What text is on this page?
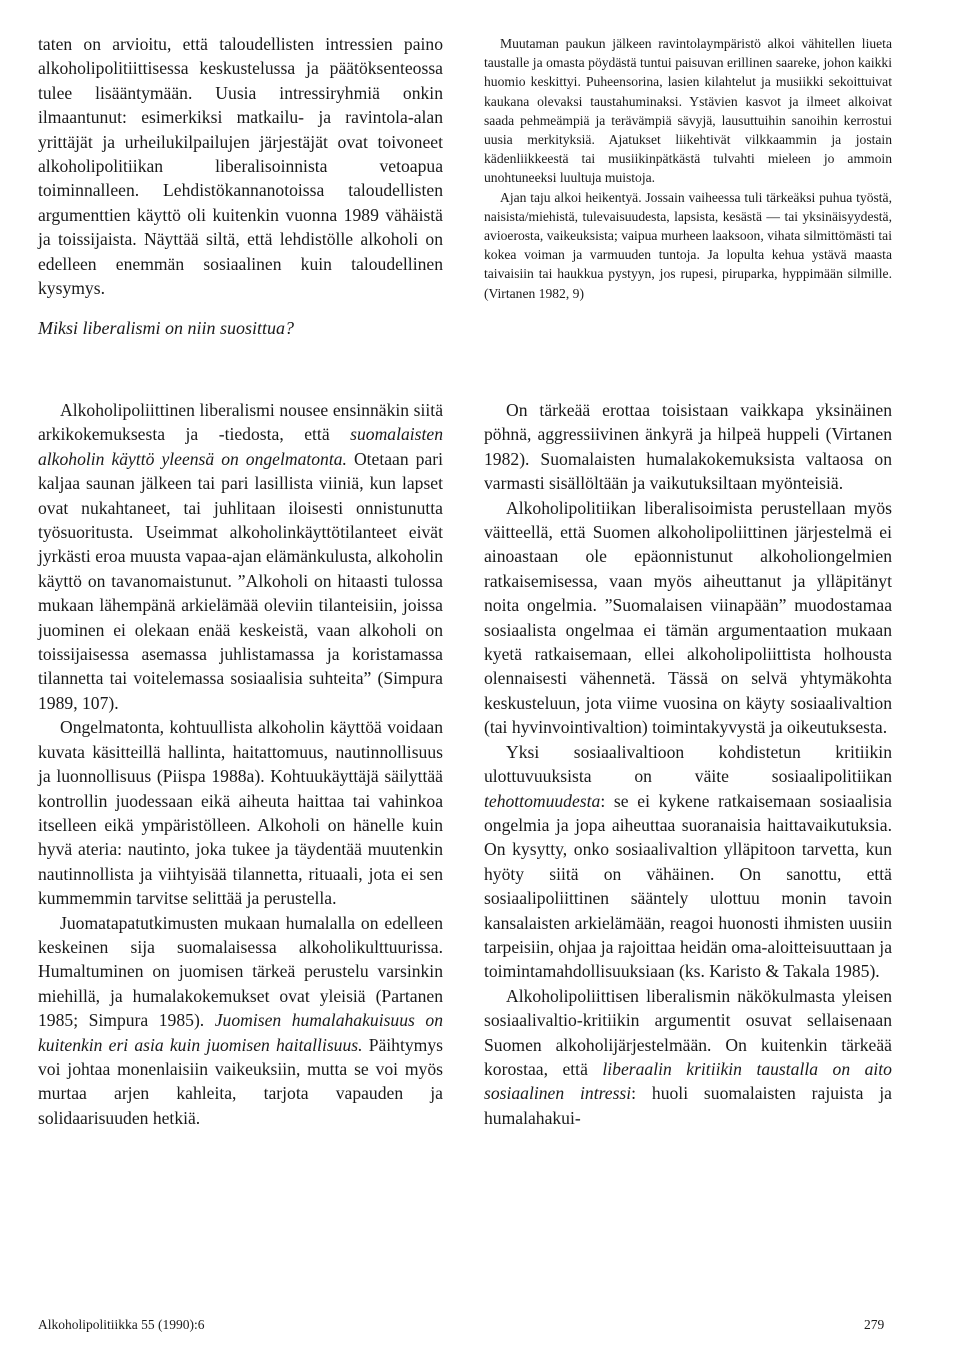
taten on arvioitu, että taloudellisten intressien paino alkoholipolitiittisessa keskustelussa ja päätöksenteossa tulee lisääntymään. Uusia intressiryhmiä onkin ilmaantunut: esimerkiksi matkailu- ja ravintola-alan yrittäjät ja urheilukilpailujen järjestäjät ovat toivoneet alkoholipolitiikan liberalisoinnista vetoapua toiminnalleen. Lehdistökannanotoissa taloudellisten argumenttien käyttö oli kuitenkin vuonna 1989 vähäistä ja toissijaista. Näyttää siltä, että lehdistölle alkoholi on edelleen enemmän sosiaalinen kuin taloudellinen kysymys.

Miksi liberalismi on niin suosittua?

Alkoholipoliittinen liberalismi nousee ensinnäkin siitä arkikokemuksesta ja -tiedosta, että suomalaisten alkoholin käyttö yleensä on ongelmatonta. Otetaan pari kaljaa saunan jälkeen tai pari lasillista viiniä, kun lapset ovat nukahtaneet, tai juhlitaan iloisesti onnistunutta työsuoritusta. Useimmat alkoholinkäyttötilanteet eivät jyrkästi eroa muusta vapaa-ajan elämänkulusta, alkoholin käyttö on tavanomaistunut. ”Alkoholi on hitaasti tulossa mukaan lähempänä arkielämää oleviin tilanteisiin, joissa juominen ei olekaan enää keskeistä, vaan alkoholi on toissijaisessa asemassa juhlistamassa ja koristamassa tilannetta tai voitelemassa sosiaalisia suhteita” (Simpura 1989, 107).

Ongelmatonta, kohtuullista alkoholin käyttöä voidaan kuvata käsitteillä hallinta, haitattomuus, nautinnollisuus ja luonnollisuus (Piispa 1988a). Kohtuukäyttäjä säilyttää kontrollin juodessaan eikä aiheuta haittaa tai vahinkoa itselleen eikä ympäristölleen. Alkoholi on hänelle kuin hyvä ateria: nautinto, joka tukee ja täydentää muutenkin nautinnollista ja viihtyisää tilannetta, rituaali, jota ei sen kummemmin tarvitse selittää ja perustella.

Juomatapatutkimusten mukaan humalalla on edelleen keskeinen sija suomalaisessa alkoholikulttuurissa. Humaltuminen on juomisen tärkeä perustelu varsinkin miehillä, ja humalakokemukset ovat yleisiä (Partanen 1985; Simpura 1985). Juomisen humalahakuisuus on kuitenkin eri asia kuin juomisen haitallisuus. Päihtymys voi johtaa monenlaisiin vaikeuksiin, mutta se voi myös murtaa arjen kahleita, tarjota vapauden ja solidaarisuuden hetkiä.

Muutaman paukun jälkeen ravintolaympäristö alkoi vähitellen liueta taustalle ja omasta pöydästä tuntui paisuvan erillinen saareke, johon kaikki huomio keskittyi. Puheensorina, lasien kilahtelut ja musiikki sekoittuivat kaukana olevaksi taustahuminaksi. Ystävien kasvot ja ilmeet alkoivat saada pehmeämpiä ja terävämpiä sävyjä, lausuttuihin sanoihin kerrostui uusia merkityksiä. Ajatukset liikehtivät vilkkaammin ja jostain kädenliikkeestä tai musiikinpätkästä tulvahti mieleen jo ammoin unohtuneeksi luultuja muistoja.

Ajan taju alkoi heikentyä. Jossain vaiheessa tuli tärkeäksi puhua työstä, naisista/miehistä, tulevaisuudesta, lapsista, kesästä — tai yksinäisyydestä, avioerosta, vaikeuksista; vaipua murheen laaksoon, vihata silmittömästi tai kokea voiman ja varmuuden tuntoja. Ja lopulta kehua ystävä maasta taivaisiin tai haukkua pystyyn, jos rupesi, piruparka, hyppimään silmille. (Virtanen 1982, 9)

On tärkeää erottaa toisistaan vaikkapa yksinäinen pöhnä, aggressiivinen änkyrä ja hilpeä huppeli (Virtanen 1982). Suomalaisten humalakokemuksista valtaosa on varmasti sisällöltään ja vaikutuksiltaan myönteisiä.

Alkoholipolitiikan liberalisoimista perustellaan myös väitteellä, että Suomen alkoholipoliittinen järjestelmä ei ainoastaan ole epäonnistunut alkoholiongelmien ratkaisemisessa, vaan myös aiheuttanut ja ylläpitänyt noita ongelmia. ”Suomalaisen viinapään” muodostamaa sosiaalista ongelmaa ei tämän argumentaation mukaan kyetä ratkaisemaan, ellei alkoholipoliittista holhousta olennaisesti vähennetä. Tässä on selvä yhtymäkohta keskusteluun, jota viime vuosina on käyty sosiaalivaltion (tai hyvinvointivaltion) toimintakyvystä ja oikeutuksesta.

Yksi sosiaalivaltioon kohdistetun kritiikin ulottuvuuksista on väite sosiaalipolitiikan tehottomuudesta: se ei kykene ratkaisemaan sosiaalisia ongelmia ja jopa aiheuttaa suoranaisia haittavaikutuksia. On kysytty, onko sosiaalivaltion ylläpitoon tarvetta, kun hyöty siitä on vähäinen. On sanottu, että sosiaalipoliittinen sääntely ulottuu monin tavoin kansalaisten arkielämään, reagoi huonosti ihmisten uusiin tarpeisiin, ohjaa ja rajoittaa heidän oma-aloitteisuuttaan ja toimintamahdollisuuksiaan (ks. Karisto & Takala 1985).

Alkoholipoliittisen liberalismin näkökulmasta yleisen sosiaalivaltio-kritiikin argumentit osuvat sellaisenaan Suomen alkoholijärjestelmään. On kuitenkin tärkeää korostaa, että liberaalin kritiikin taustalla on aito sosiaalinen intressi: huoli suomalaisten rajuista ja humalahakui-

Alkoholipolitiikka 55 (1990):6	279
